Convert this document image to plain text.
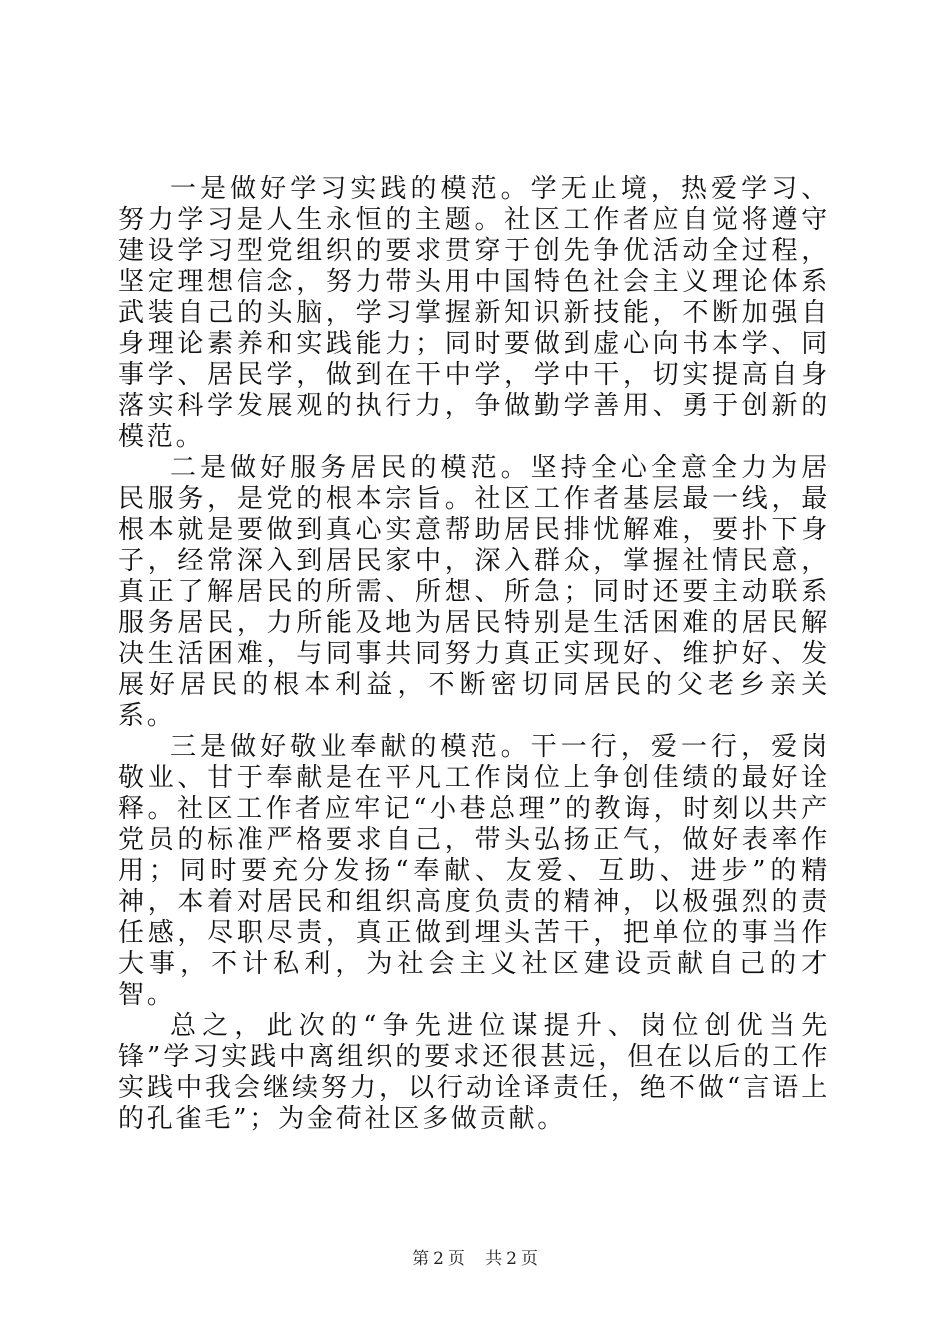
一是做好学习实践的模范。学无止境，热爱学习、努力学习是人生永恒的主题。社区工作者应自觉将遵守建设学习型党组织的要求贯穿于创先争优活动全过程，坚定理想信念，努力带头用中国特色社会主义理论体系武装自己的头脑，学习掌握新知识新技能，不断加强自身理论素养和实践能力；同时要做到虚心向书本学、同事学、居民学，做到在干中学，学中干，切实提高自身落实科学发展观的执行力，争做勤学善用、勇于创新的模范。

二是做好服务居民的模范。坚持全心全意全力为居民服务，是党的根本宗旨。社区工作者基层最一线，最根本就是要做到真心实意帮助居民排忧解难，要扑下身子，经常深入到居民家中，深入群众，掌握社情民意，真正了解居民的所需、所想、所急；同时还要主动联系服务居民，力所能及地为居民特别是生活困难的居民解决生活困难，与同事共同努力真正实现好、维护好、发展好居民的根本利益，不断密切同居民的父老乡亲关系。

三是做好敬业奉献的模范。干一行，爱一行，爱岗敬业、甘于奉献是在平凡工作岗位上争创佳绩的最好诠释。社区工作者应牢记“小巷总理”的教诲，时刻以共产党员的标准严格要求自己，带头弘扬正气，做好表率作用；同时要充分发扬“奉献、友爱、互助、进步”的精神，本着对居民和组织高度负责的精神，以极强烈的责任感，尽职尽责，真正做到埋头苦干，把单位的事当作大事，不计私利，为社会主义社区建设贡献自己的才智。

总之，此次的“争先进位谋提升、岗位创优当先锋”学习实践中离组织的要求还很甚远，但在以后的工作实践中我会继续努力，以行动诠译责任，绝不做“言语上的孔雀毛”；为金荷社区多做贡献。

第 2 页 共 2 页
